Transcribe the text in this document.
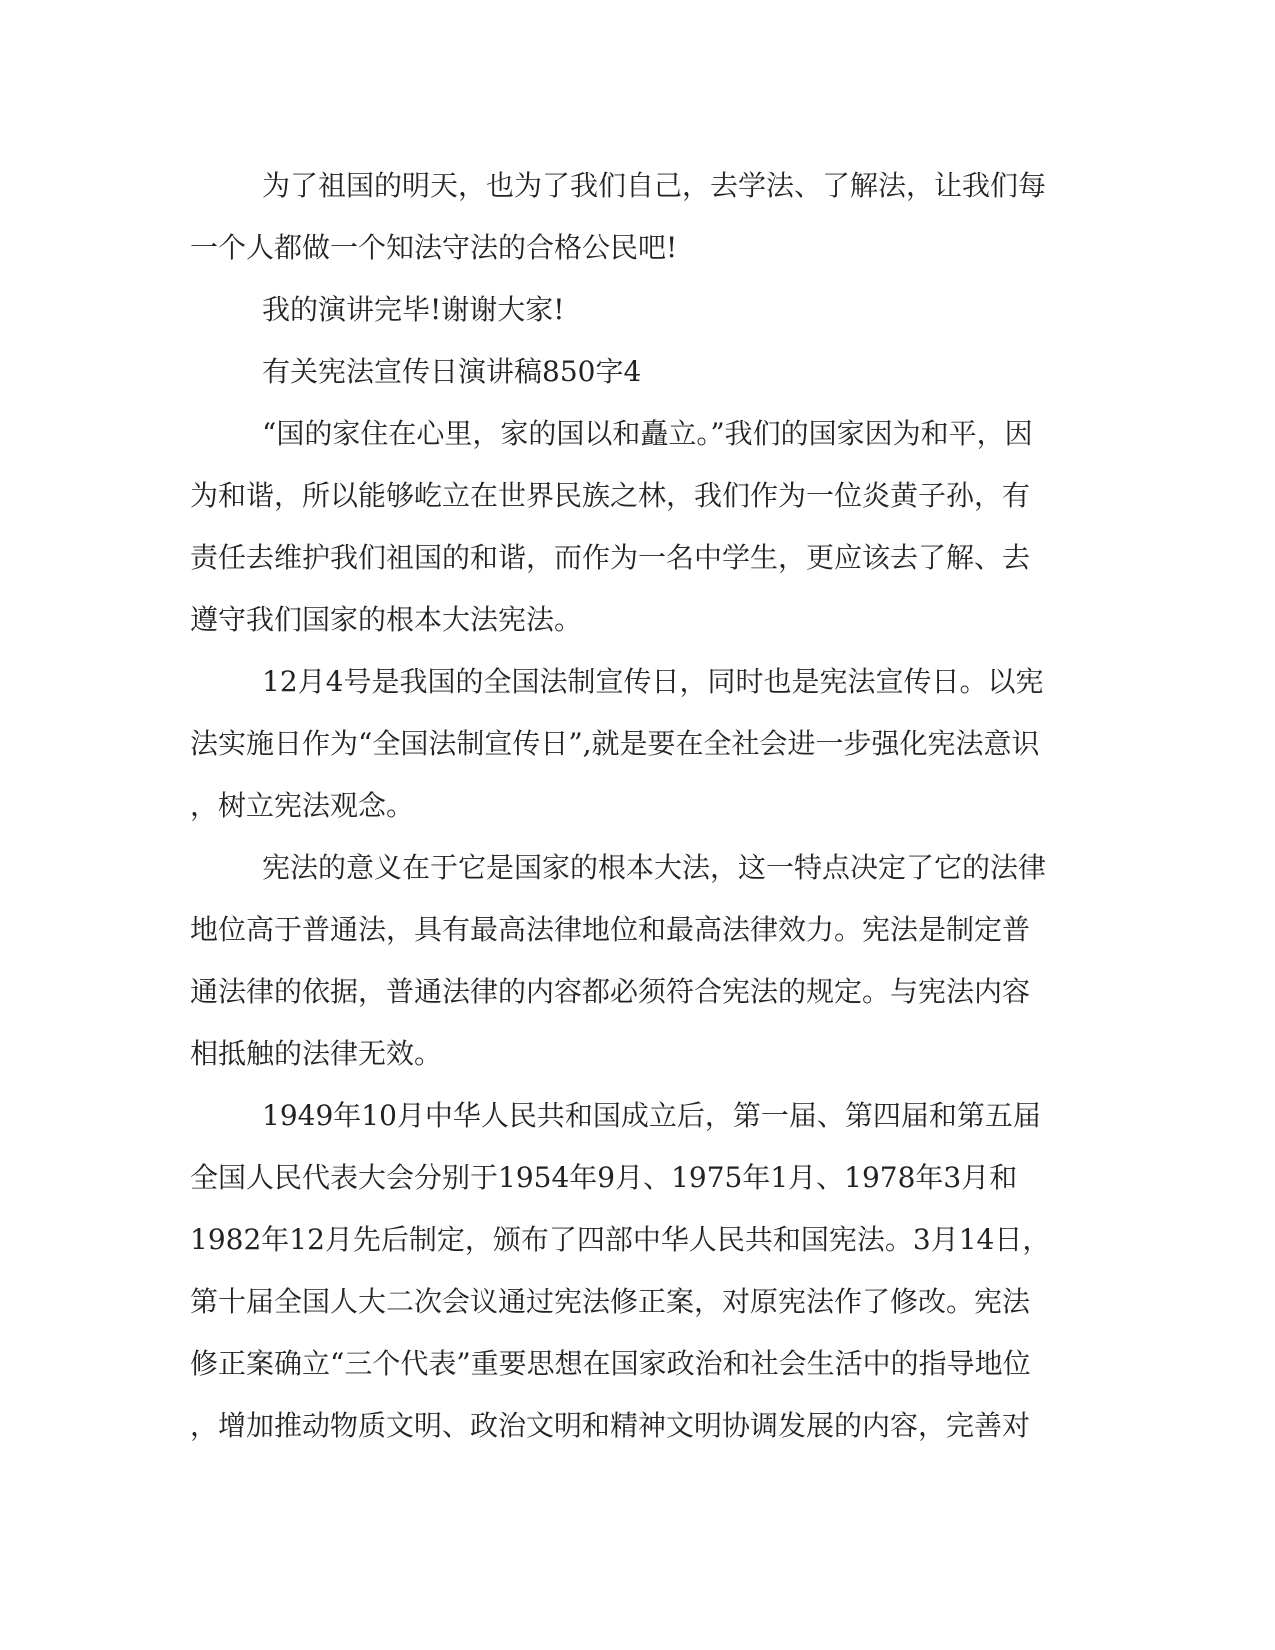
为了祖国的明天，也为了我们自己，去学法、了解法，让我们每
一个人都做一个知法守法的合格公民吧!
我的演讲完毕!谢谢大家!
有关宪法宣传日演讲稿850字4
“国的家住在心里，家的国以和矗立。”我们的国家因为和平，因
为和谐，所以能够屹立在世界民族之林，我们作为一位炎黄子孙，有
责任去维护我们祖国的和谐，而作为一名中学生，更应该去了解、去
遵守我们国家的根本大法宪法。
12月4号是我国的全国法制宣传日，同时也是宪法宣传日。以宪
法实施日作为“全国法制宣传日”,就是要在全社会进一步强化宪法意识
，树立宪法观念。
宪法的意义在于它是国家的根本大法，这一特点决定了它的法律
地位高于普通法，具有最高法律地位和最高法律效力。宪法是制定普
通法律的依据，普通法律的内容都必须符合宪法的规定。与宪法内容
相抵触的法律无效。
1949年10月中华人民共和国成立后，第一届、第四届和第五届
全国人民代表大会分别于1954年9月、1975年1月、1978年3月和
1982年12月先后制定，颁布了四部中华人民共和国宪法。3月14日，
第十届全国人大二次会议通过宪法修正案，对原宪法作了修改。宪法
修正案确立“三个代表”重要思想在国家政治和社会生活中的指导地位
，增加推动物质文明、政治文明和精神文明协调发展的内容，完善对
